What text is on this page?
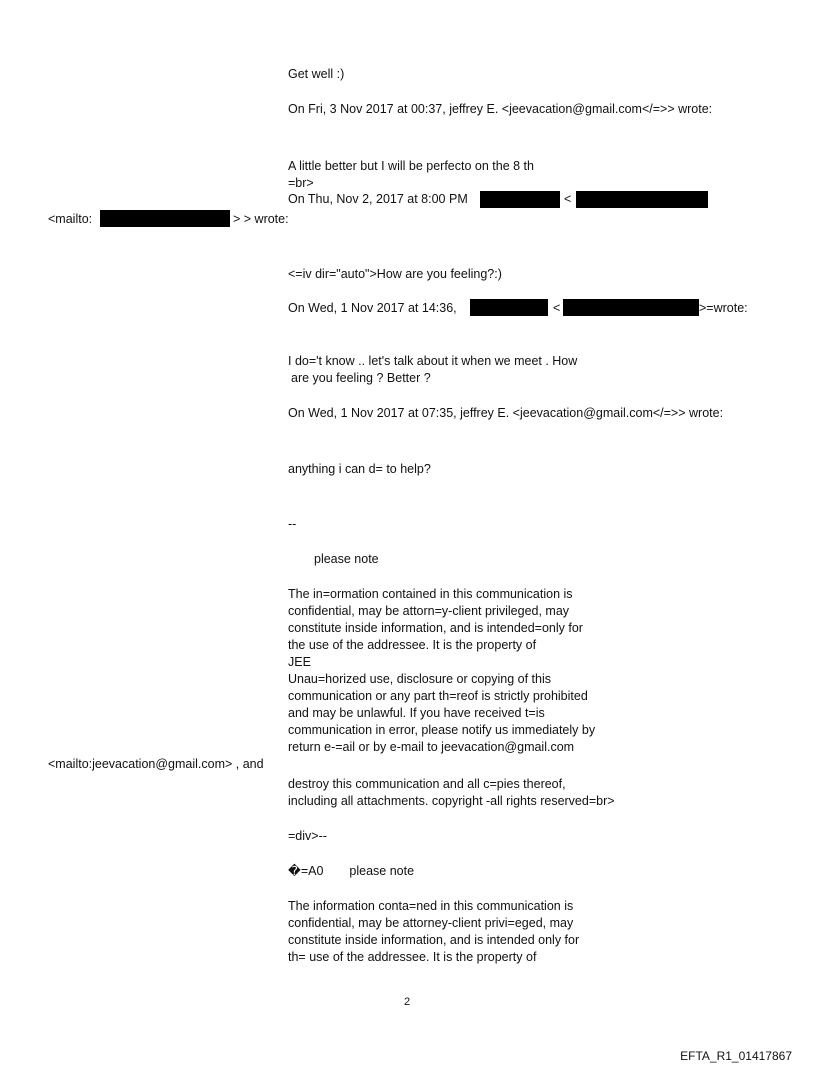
Get well :)
On Fri, 3 Nov 2017 at 00:37, jeffrey E. <jeevacation@gmail.com</=>> wrote:
A little better but I will be perfecto on the 8 th
=br>
On Thu, Nov 2, 2017 at 8:00 PM	<
<mailto:	> > wrote:
<=iv dir="auto">How are you feeling?:)
On Wed, 1 Nov 2017 at 14:36,	<	>=wrote:
I do='t know .. let's talk about it when we meet . How
are you feeling ? Better ?
On Wed, 1 Nov 2017 at 07:35, jeffrey E. <jeevacation@gmail.com</=>> wrote:
anything i can d= to help?
--
please note
The in=ormation contained in this communication is
confidential, may be attorn=y-client privileged, may
constitute inside information, and is intended=only for
the use of the addressee. It is the property of
JEE
Unau=horized use, disclosure or copying of this
communication or any part th=reof is strictly prohibited
and may be unlawful. If you have received t=is
communication in error, please notify us immediately by
return e-=ail or by e-mail to jeevacation@gmail.com
<mailto:jeevacation@gmail.com> , and
destroy this communication and all c=pies thereof,
including all attachments. copyright -all rights reserved=br>
=div>--
�=A0 please note
The information conta=ned in this communication is
confidential, may be attorney-client privi=eged, may
constitute inside information, and is intended only for
th= use of the addressee. It is the property of
2
EFTA_R1_01417867
